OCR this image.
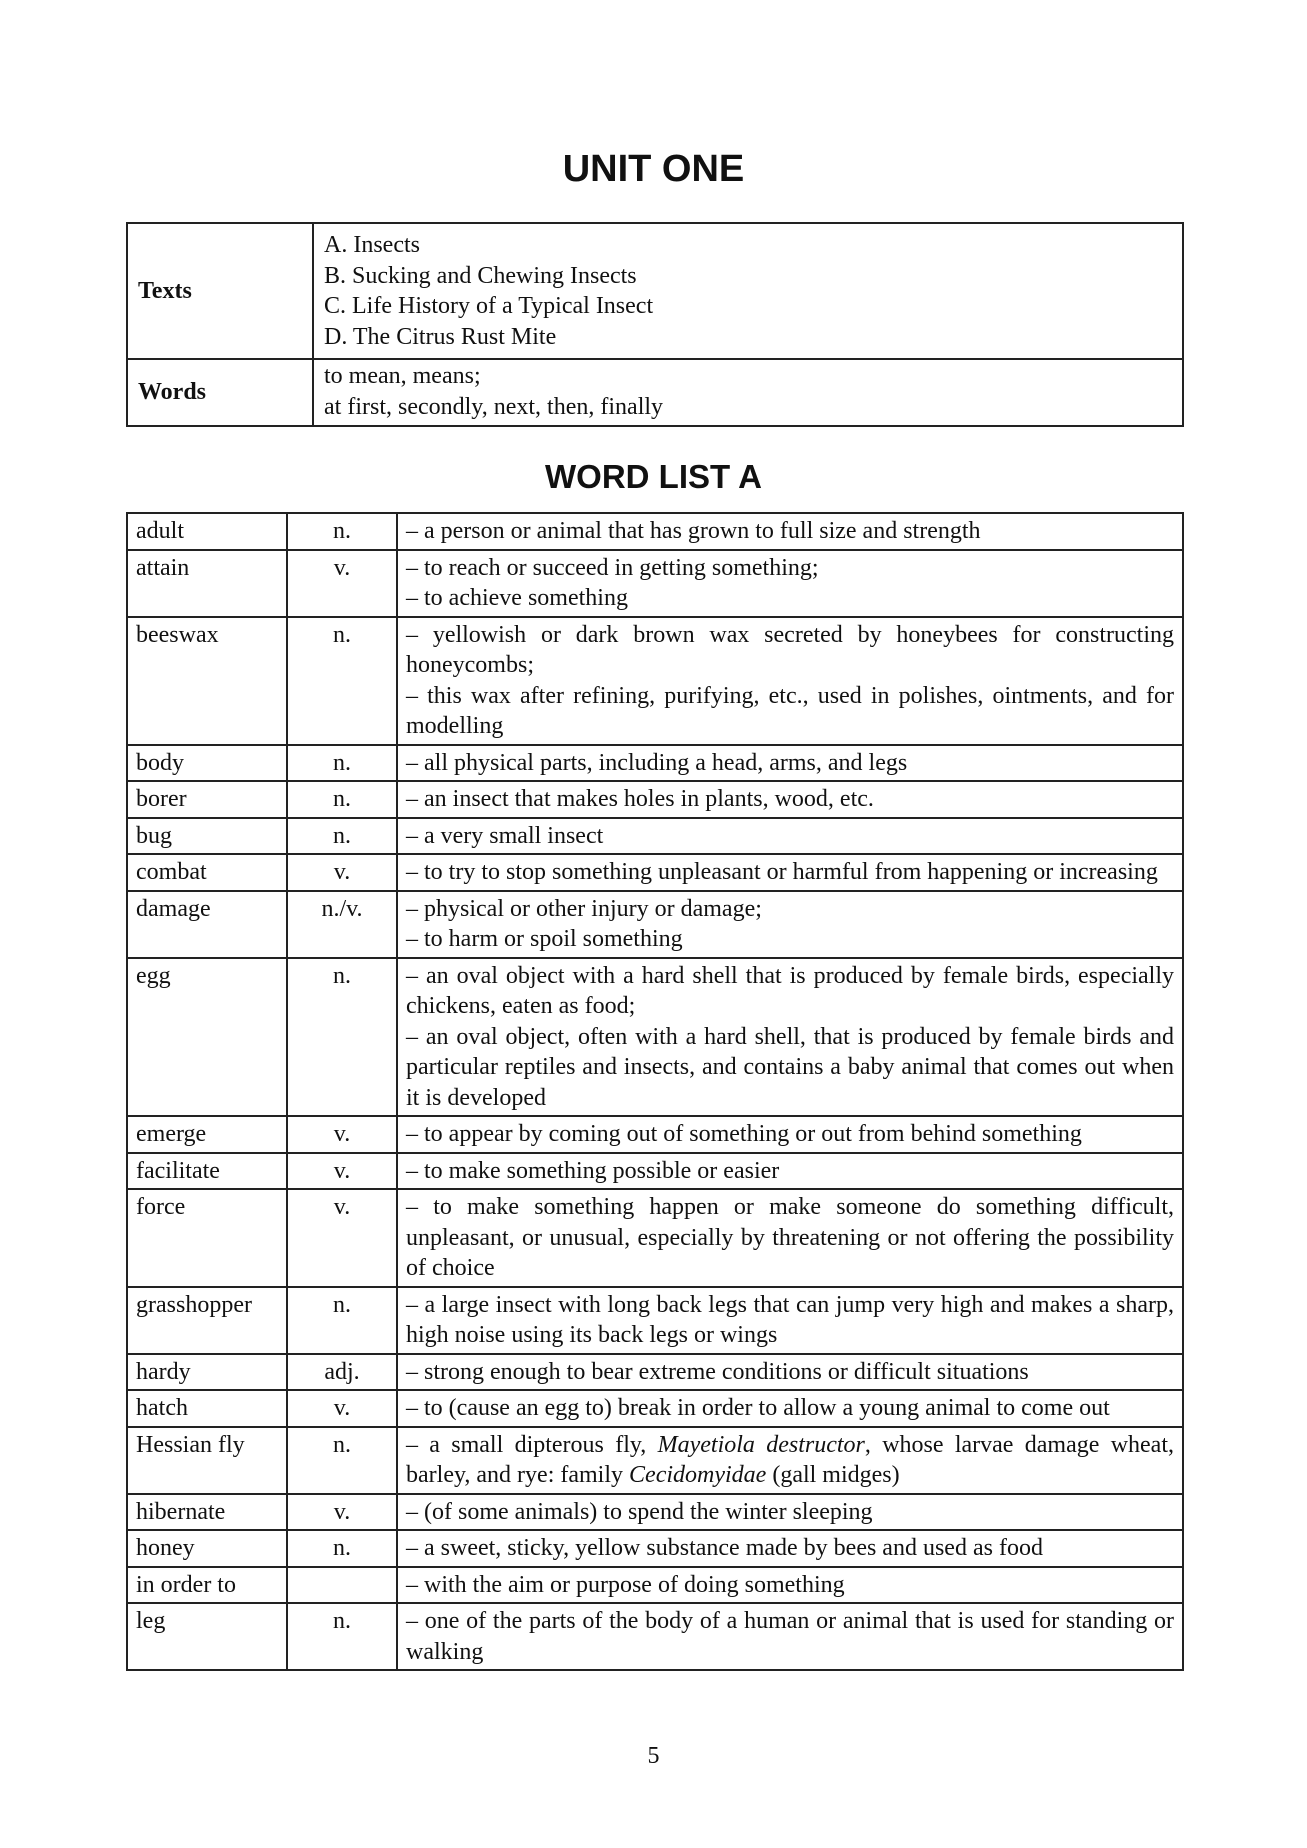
UNIT ONE
Texts	A. Insects
B. Sucking and Chewing Insects
C. Life History of a Typical Insect
D. The Citrus Rust Mite

Words	to mean, means;
at first, secondly, next, then, finally
WORD LIST A
adult	n.	– a person or animal that has grown to full size and strength

attain	v.	– to reach or succeed in getting something;
– to achieve something

beeswax	n.	– yellowish or dark brown wax secreted by honeybees for constructing honeycombs;
– this wax after refining, purifying, etc., used in polishes, ointments, and for modelling

body	n.	– all physical parts, including a head, arms, and legs

borer	n.	– an insect that makes holes in plants, wood, etc.

bug	n.	– a very small insect

combat	v.	– to try to stop something unpleasant or harmful from happening or increasing

damage	n./v.	– physical or other injury or damage;
– to harm or spoil something

egg	n.	– an oval object with a hard shell that is produced by female birds, especially chickens, eaten as food;
– an oval object, often with a hard shell, that is produced by female birds and particular reptiles and insects, and contains a baby animal that comes out when it is developed

emerge	v.	– to appear by coming out of something or out from behind something

facilitate	v.	– to make something possible or easier

force	v.	– to make something happen or make someone do something difficult, unpleasant, or unusual, especially by threatening or not offering the possibility of choice

grasshopper	n.	– a large insect with long back legs that can jump very high and makes a sharp, high noise using its back legs or wings

hardy	adj.	– strong enough to bear extreme conditions or difficult situations

hatch	v.	– to (cause an egg to) break in order to allow a young animal to come out

Hessian fly	n.	– a small dipterous fly, Mayetiola destructor, whose larvae damage wheat, barley, and rye: family Cecidomyidae (gall midges)

hibernate	v.	– (of some animals) to spend the winter sleeping

honey	n.	– a sweet, sticky, yellow substance made by bees and used as food

in order to		– with the aim or purpose of doing something

leg	n.	– one of the parts of the body of a human or animal that is used for standing or walking
5
